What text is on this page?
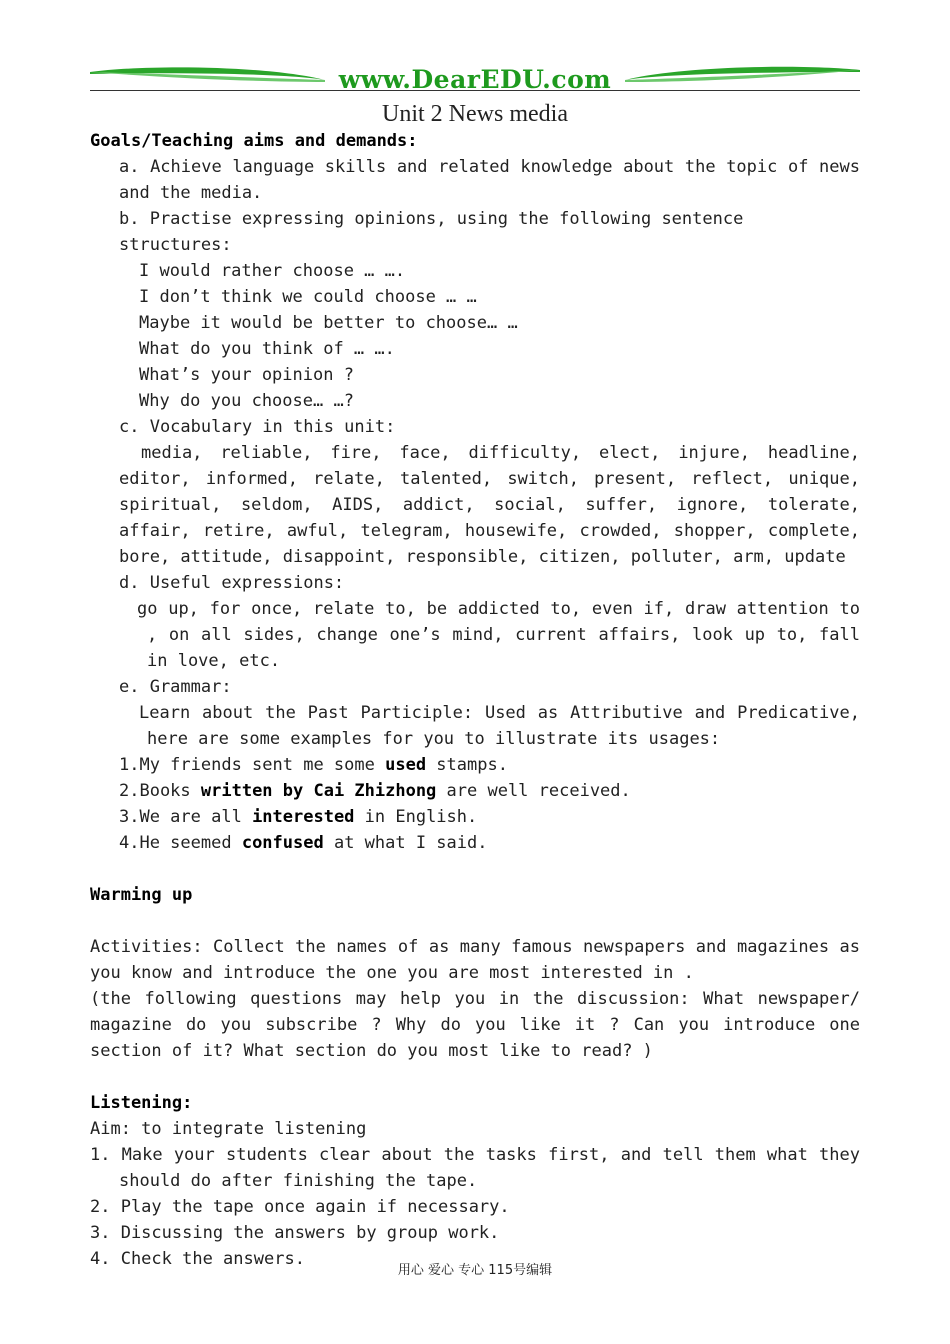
www.DearEDU.com
Unit 2 News media
Goals/Teaching aims and demands:
a. Achieve language skills and related knowledge about the topic of news and the media.
b. Practise expressing opinions, using the following sentence structures:
I would rather choose … ….
I don’t think we could choose … …
Maybe it would be better to choose… …
What do you think of … ….
What’s your opinion ?
Why do you choose… …?
c. Vocabulary in this unit:
media, reliable, fire, face, difficulty, elect, injure, headline, editor, informed, relate, talented, switch, present, reflect, unique, spiritual, seldom, AIDS, addict, social, suffer, ignore, tolerate, affair, retire, awful, telegram, housewife, crowded, shopper, complete, bore, attitude, disappoint, responsible, citizen, polluter, arm, update
d. Useful expressions:
go up, for once, relate to, be addicted to, even if, draw attention to , on all sides, change one’s mind, current affairs, look up to, fall in love, etc.
e. Grammar:
Learn about the Past Participle: Used as Attributive and Predicative, here are some examples for you to illustrate its usages:
1.My friends sent me some used stamps.
2.Books written by Cai Zhizhong are well received.
3.We are all interested in English.
4.He seemed confused at what I said.
Warming up
Activities: Collect the names of as many famous newspapers and magazines as you know and introduce the one you are most interested in .
(the following questions may help you in the discussion: What newspaper/ magazine do you subscribe ? Why do you like it ? Can you introduce one section of it? What section do you most like to read? )
Listening:
Aim: to integrate listening
1. Make your students clear about the tasks first, and tell them what they should do after finishing the tape.
2. Play the tape once again if necessary.
3. Discussing the answers by group work.
4. Check the answers.
用心 爱心 专心 115号编辑
